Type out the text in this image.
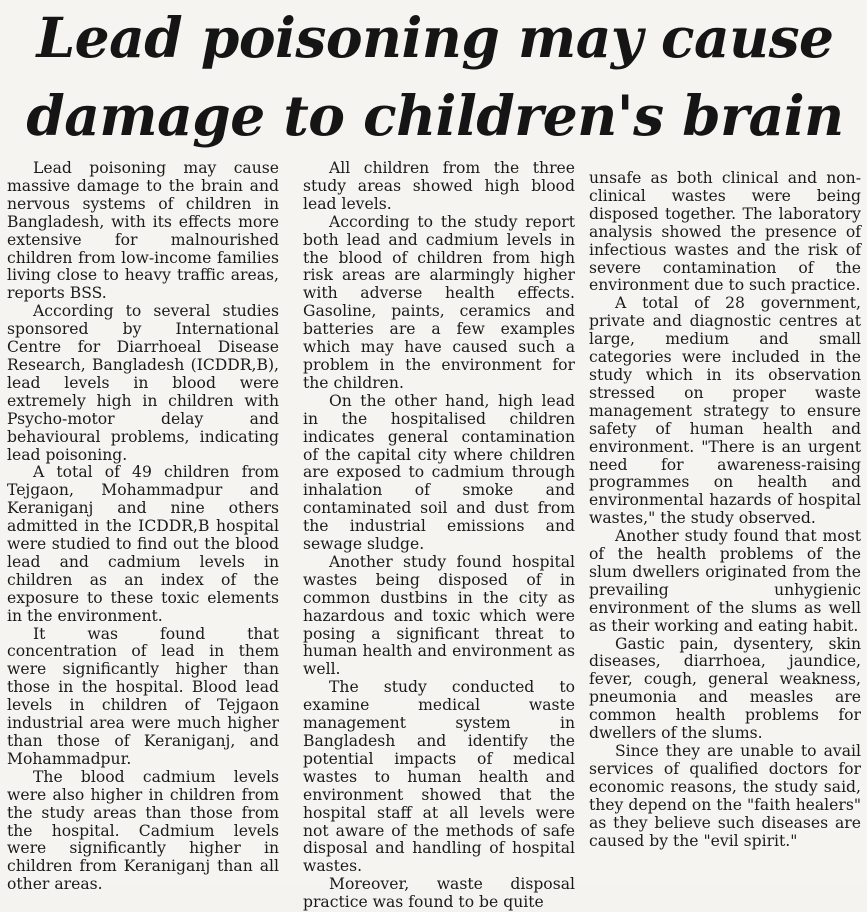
Lead poisoning may cause
damage to children's brain

Lead poisoning may cause massive damage to the brain and nervous systems of children in Bangladesh, with its effects more extensive for malnourished children from low-income families living close to heavy traffic areas, reports BSS.

According to several studies sponsored by International Centre for Diarrhoeal Disease Research, Bangladesh (ICDDR,B), lead levels in blood were extremely high in children with Psycho-motor delay and behavioural problems, indicating lead poisoning.

A total of 49 children from Tejgaon, Mohammadpur and Keraniganj and nine others admitted in the ICDDR,B hospital were studied to find out the blood lead and cadmium levels in children as an index of the exposure to these toxic elements in the environment.

It was found that concentration of lead in them were significantly higher than those in the hospital. Blood lead levels in children of Tejgaon industrial area were much higher than those of Keraniganj, and Mohammadpur.

The blood cadmium levels were also higher in children from the study areas than those from the hospital. Cadmium levels were significantly higher in children from Keraniganj than all other areas.

All children from the three study areas showed high blood lead levels.

According to the study report both lead and cadmium levels in the blood of children from high risk areas are alarmingly higher with adverse health effects. Gasoline, paints, ceramics and batteries are a few examples which may have caused such a problem in the environment for the children.

On the other hand, high lead in the hospitalised children indicates general contamination of the capital city where children are exposed to cadmium through inhalation of smoke and contaminated soil and dust from the industrial emissions and sewage sludge.

Another study found hospital wastes being disposed of in common dustbins in the city as hazardous and toxic which were posing a significant threat to human health and environment as well.

The study conducted to examine medical waste management system in Bangladesh and identify the potential impacts of medical wastes to human health and environment showed that the hospital staff at all levels were not aware of the methods of safe disposal and handling of hospital wastes.

Moreover, waste disposal practice was found to be quite

unsafe as both clinical and non-clinical wastes were being disposed together. The laboratory analysis showed the presence of infectious wastes and the risk of severe contamination of the environment due to such practice.

A total of 28 government, private and diagnostic centres at large, medium and small categories were included in the study which in its observation stressed on proper waste management strategy to ensure safety of human health and environment. "There is an urgent need for awareness-raising programmes on health and environmental hazards of hospital wastes," the study observed.

Another study found that most of the health problems of the slum dwellers originated from the prevailing unhygienic environment of the slums as well as their working and eating habit.

Gastic pain, dysentery, skin diseases, diarrhoea, jaundice, fever, cough, general weakness, pneumonia and measles are common health problems for dwellers of the slums.

Since they are unable to avail services of qualified doctors for economic reasons, the study said, they depend on the "faith healers" as they believe such diseases are caused by the "evil spirit."
